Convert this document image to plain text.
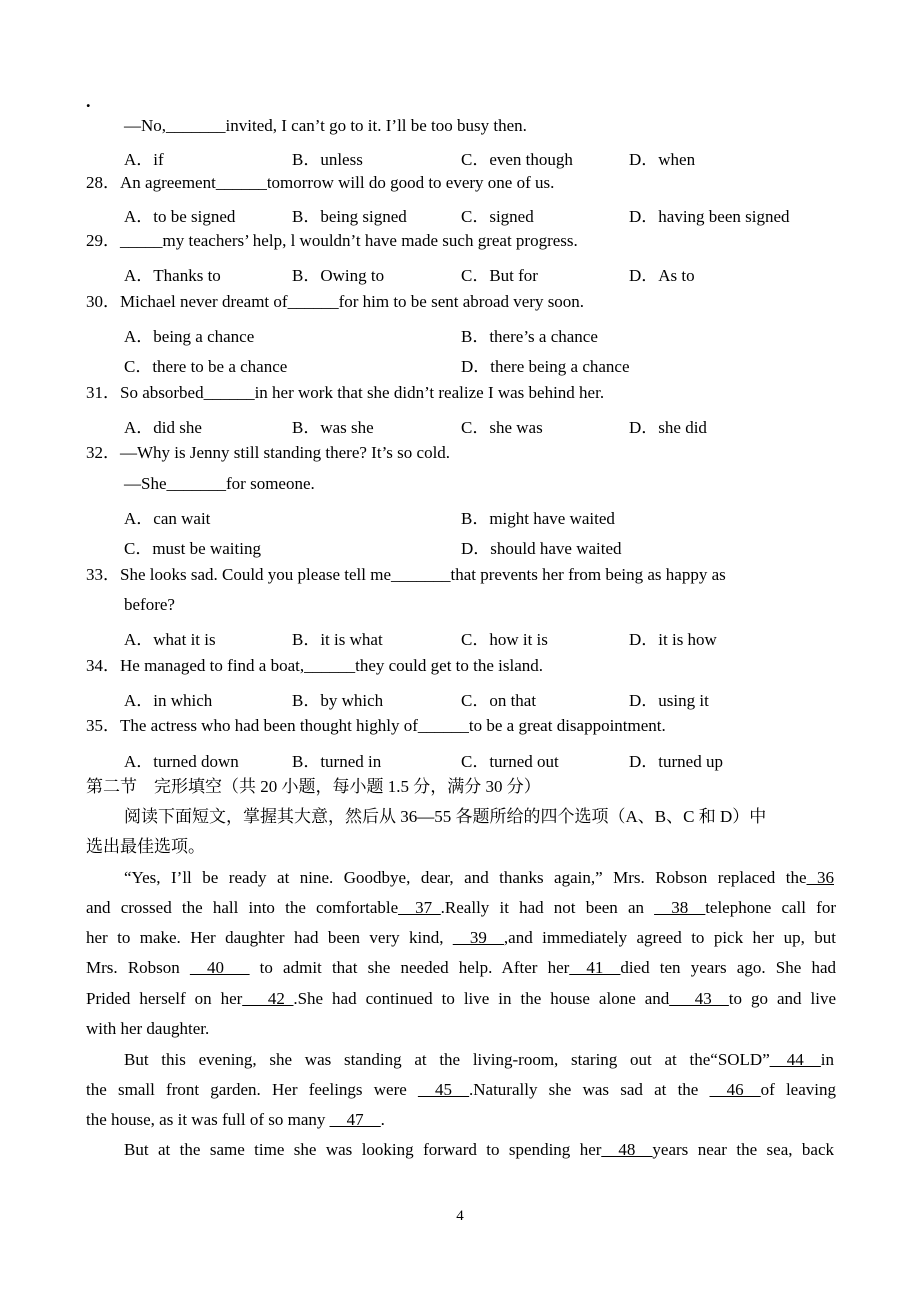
.
—No,_______invited, I can’t go to it. I’ll be too busy then.
A．if	B．unless	C．even though	D．when
28．An agreement______tomorrow will do good to every one of us.
A．to be signed	B．being signed	C．signed	D．having been signed
29．_____my teachers’ help, l wouldn’t have made such great progress.
A．Thanks to	B．Owing to	C．But for	D．As to
30．Michael never dreamt of______for him to be sent abroad very soon.
A．being a chance	B．there’s a chance
C．there to be a chance	D．there being a chance
31．So absorbed______in her work that she didn’t realize I was behind her.
A．did she	B．was she	C．she was	D．she did
32．—Why is Jenny still standing there? It’s so cold.
—She_______for someone.
A．can wait	B．might have waited
C．must be waiting	D．should have waited
33．She looks sad. Could you please tell me_______that prevents her from being as happy as
before?
A．what it is	B．it is what	C．how it is	D．it is how
34．He managed to find a boat,______they could get to the island.
A．in which	B．by which	C．on that	D．using it
35．The actress who had been thought highly of______to be a great disappointment.
A．turned down	B．turned in	C．turned out	D．turned up
第二节　完形填空（共 20 小题，每小题 1.5 分，满分 30 分）
阅读下面短文，掌握其大意，然后从 36—55 各题所给的四个选项（A、B、C 和 D）中
选出最佳选项。
“Yes, I’ll be ready at nine. Goodbye, dear, and thanks again,” Mrs. Robson replaced the 36
and crossed the hall into the comfortable__37_.Really it had not been an __38__telephone call for
her to make. Her daughter had been very kind, __39__,and immediately agreed to pick her up, but
Mrs. Robson __40___ to admit that she needed help. After her__41__died ten years ago. She had
Prided herself on her___42_.She had continued to live in the house alone and___43__to go and live
with her daughter.
But this evening, she was standing at the living-room, staring out at the“SOLD”__44__in
the small front garden. Her feelings were __45__.Naturally she was sad at the __46__of leaving
the house, as it was full of so many __47__.
But at the same time she was looking forward to spending her__48__years near the sea, back
4
